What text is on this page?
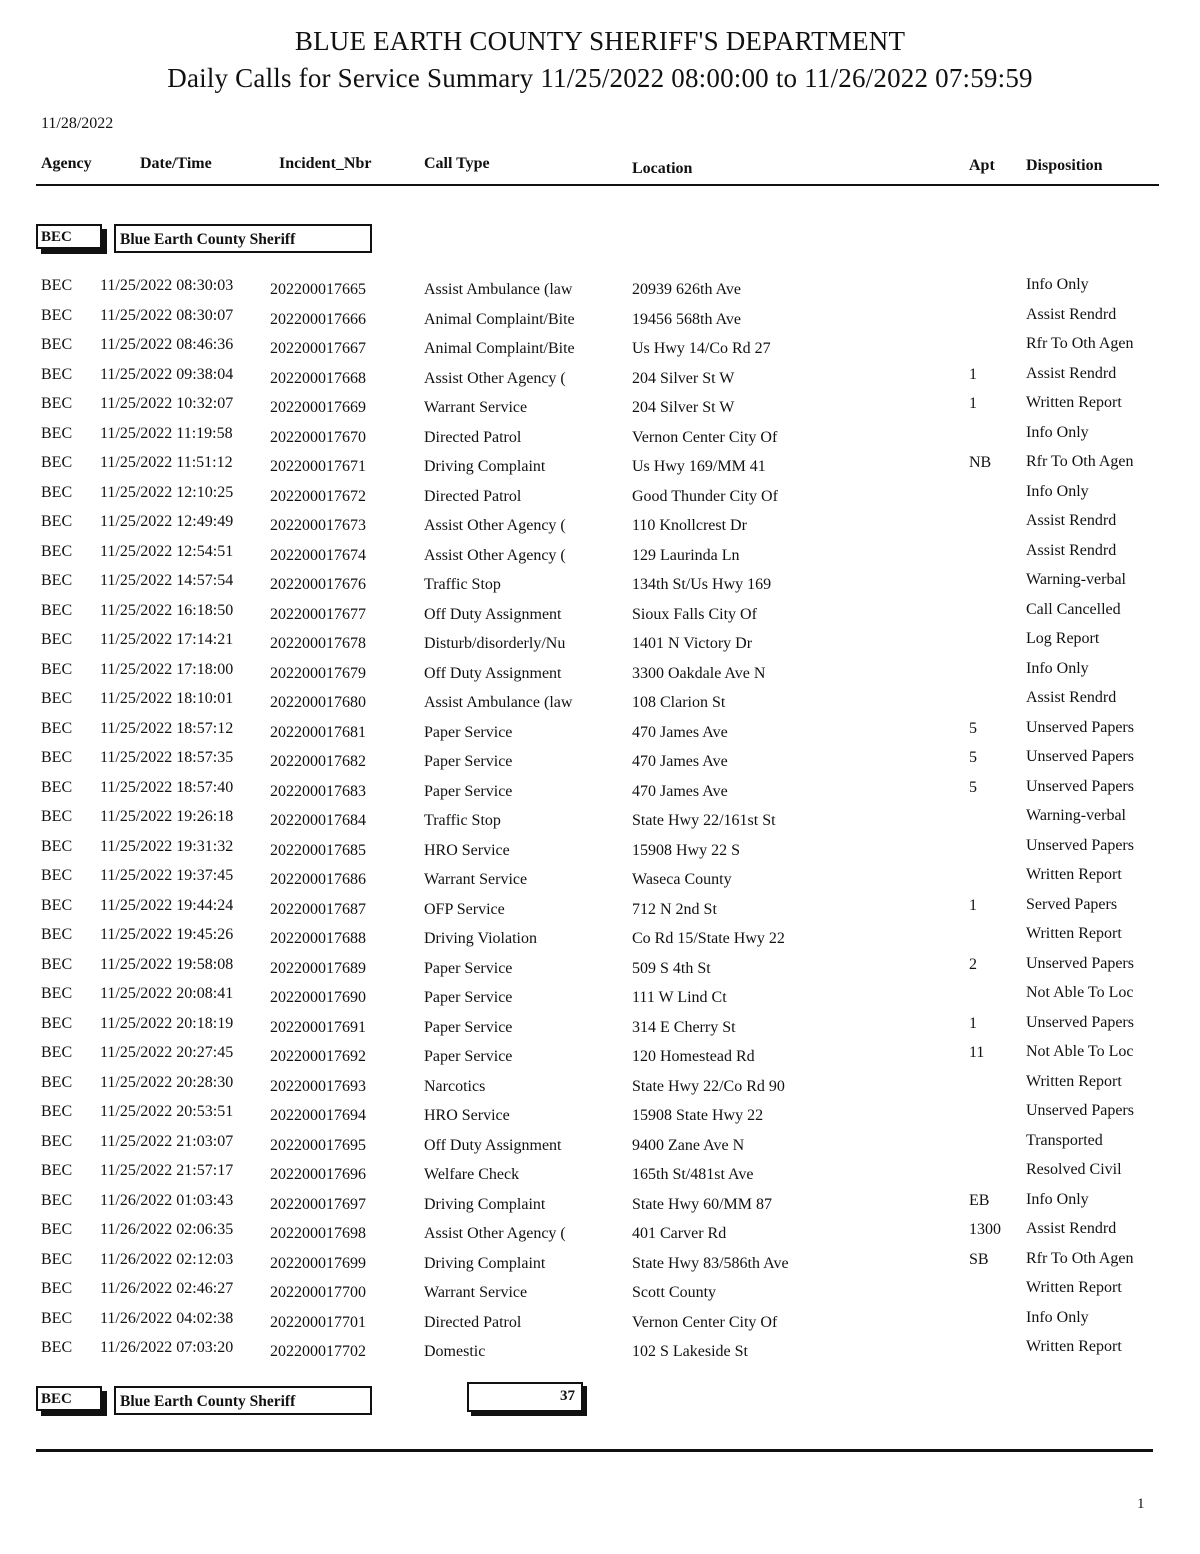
BLUE EARTH COUNTY SHERIFF'S DEPARTMENT
Daily Calls for Service Summary 11/25/2022 08:00:00 to 11/26/2022 07:59:59
11/28/2022
Agency	Date/Time	Incident_Nbr	Call Type	Location	Apt Disposition
BEC	Blue Earth County Sheriff
BEC 11/25/2022 08:30:03 202200017665	Assist Ambulance (law	20939 626th Ave	Info Only
BEC 11/25/2022 08:30:07 202200017666	Animal Complaint/Bite	19456 568th Ave	Assist Rendrd
BEC 11/25/2022 08:46:36 202200017667	Animal Complaint/Bite	Us Hwy 14/Co Rd 27	Rfr To Oth Agen
BEC 11/25/2022 09:38:04 202200017668	Assist Other Agency (	204 Silver St W	1	Assist Rendrd
BEC 11/25/2022 10:32:07 202200017669	Warrant Service	204 Silver St W	1	Written Report
BEC 11/25/2022 11:19:58 202200017670	Directed Patrol	Vernon Center City Of	Info Only
BEC 11/25/2022 11:51:12 202200017671	Driving Complaint	Us Hwy 169/MM 41	NB Rfr To Oth Agen
BEC 11/25/2022 12:10:25 202200017672	Directed Patrol	Good Thunder City Of	Info Only
BEC 11/25/2022 12:49:49 202200017673	Assist Other Agency (	110 Knollcrest Dr	Assist Rendrd
BEC 11/25/2022 12:54:51 202200017674	Assist Other Agency (	129 Laurinda Ln	Assist Rendrd
BEC 11/25/2022 14:57:54 202200017676	Traffic Stop	134th St/Us Hwy 169	Warning-verbal
BEC 11/25/2022 16:18:50 202200017677	Off Duty Assignment	Sioux Falls City Of	Call Cancelled
BEC 11/25/2022 17:14:21 202200017678	Disturb/disorderly/Nu	1401 N Victory Dr	Log Report
BEC 11/25/2022 17:18:00 202200017679	Off Duty Assignment	3300 Oakdale Ave N	Info Only
BEC 11/25/2022 18:10:01 202200017680	Assist Ambulance (law	108 Clarion St	Assist Rendrd
BEC 11/25/2022 18:57:12 202200017681	Paper Service	470 James Ave	5	Unserved Papers
BEC 11/25/2022 18:57:35 202200017682	Paper Service	470 James Ave	5	Unserved Papers
BEC 11/25/2022 18:57:40 202200017683	Paper Service	470 James Ave	5	Unserved Papers
BEC 11/25/2022 19:26:18 202200017684	Traffic Stop	State Hwy 22/161st St	Warning-verbal
BEC 11/25/2022 19:31:32 202200017685	HRO Service	15908 Hwy 22 S	Unserved Papers
BEC 11/25/2022 19:37:45 202200017686	Warrant Service	Waseca County	Written Report
BEC 11/25/2022 19:44:24 202200017687	OFP Service	712 N 2nd St	1	Served Papers
BEC 11/25/2022 19:45:26 202200017688	Driving Violation	Co Rd 15/State Hwy 22	Written Report
BEC 11/25/2022 19:58:08 202200017689	Paper Service	509 S 4th St	2	Unserved Papers
BEC 11/25/2022 20:08:41 202200017690	Paper Service	111 W Lind Ct	Not Able To Loc
BEC 11/25/2022 20:18:19 202200017691	Paper Service	314 E Cherry St	1	Unserved Papers
BEC 11/25/2022 20:27:45 202200017692	Paper Service	120 Homestead Rd	11	Not Able To Loc
BEC 11/25/2022 20:28:30 202200017693	Narcotics	State Hwy 22/Co Rd 90	Written Report
BEC 11/25/2022 20:53:51 202200017694	HRO Service	15908 State Hwy 22	Unserved Papers
BEC 11/25/2022 21:03:07 202200017695	Off Duty Assignment	9400 Zane Ave N	Transported
BEC 11/25/2022 21:57:17 202200017696	Welfare Check	165th St/481st Ave	Resolved Civil
BEC 11/26/2022 01:03:43 202200017697	Driving Complaint	State Hwy 60/MM 87	EB Info Only
BEC 11/26/2022 02:06:35 202200017698	Assist Other Agency (	401 Carver Rd	1300 Assist Rendrd
BEC 11/26/2022 02:12:03 202200017699	Driving Complaint	State Hwy 83/586th Ave	SB Rfr To Oth Agen
BEC 11/26/2022 02:46:27 202200017700	Warrant Service	Scott County	Written Report
BEC 11/26/2022 04:02:38 202200017701	Directed Patrol	Vernon Center City Of	Info Only
BEC 11/26/2022 07:03:20 202200017702	Domestic	102 S Lakeside St	Written Report
BEC	Blue Earth County Sheriff	37
1
